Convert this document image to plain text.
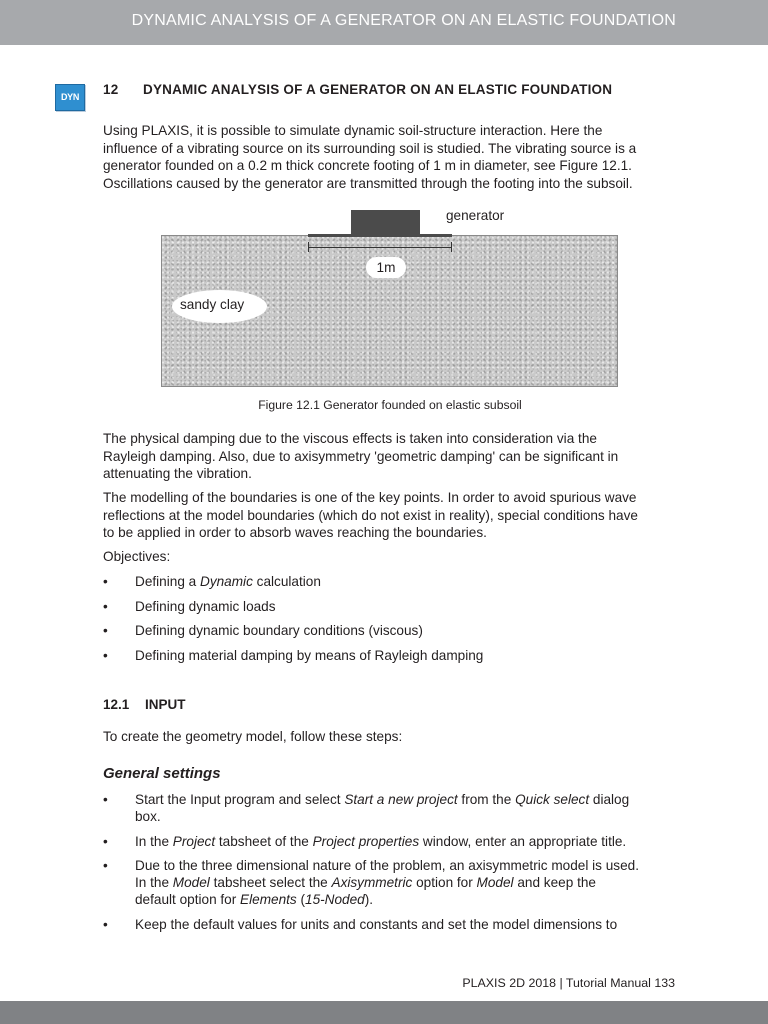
DYNAMIC ANALYSIS OF A GENERATOR ON AN ELASTIC FOUNDATION
DYN	12 DYNAMIC ANALYSIS OF A GENERATOR ON AN ELASTIC FOUNDATION

Using PLAXIS, it is possible to simulate dynamic soil-structure interaction. Here the
influence of a vibrating source on its surrounding soil is studied. The vibrating source is a
generator founded on a 0.2 m thick concrete footing of 1 m in diameter, see Figure 12.1.
Oscillations caused by the generator are transmitted through the footing into the subsoil.

generator
1m
sandy clay
Figure 12.1 Generator founded on elastic subsoil

The physical damping due to the viscous effects is taken into consideration via the
Rayleigh damping. Also, due to axisymmetry 'geometric damping' can be significant in
attenuating the vibration.

The modelling of the boundaries is one of the key points. In order to avoid spurious wave
reflections at the model boundaries (which do not exist in reality), special conditions have
to be applied in order to absorb waves reaching the boundaries.

Objectives:

• Defining a Dynamic calculation
• Defining dynamic loads
• Defining dynamic boundary conditions (viscous)
• Defining material damping by means of Rayleigh damping
12.1 INPUT

To create the geometry model, follow these steps:

General settings
• Start the Input program and select Start a new project from the Quick select dialog
box.
• In the Project tabsheet of the Project properties window, enter an appropriate title.
• Due to the three dimensional nature of the problem, an axisymmetric model is used.
In the Model tabsheet select the Axisymmetric option for Model and keep the
default option for Elements (15-Noded).
• Keep the default values for units and constants and set the model dimensions to
PLAXIS 2D 2018 | Tutorial Manual 133
